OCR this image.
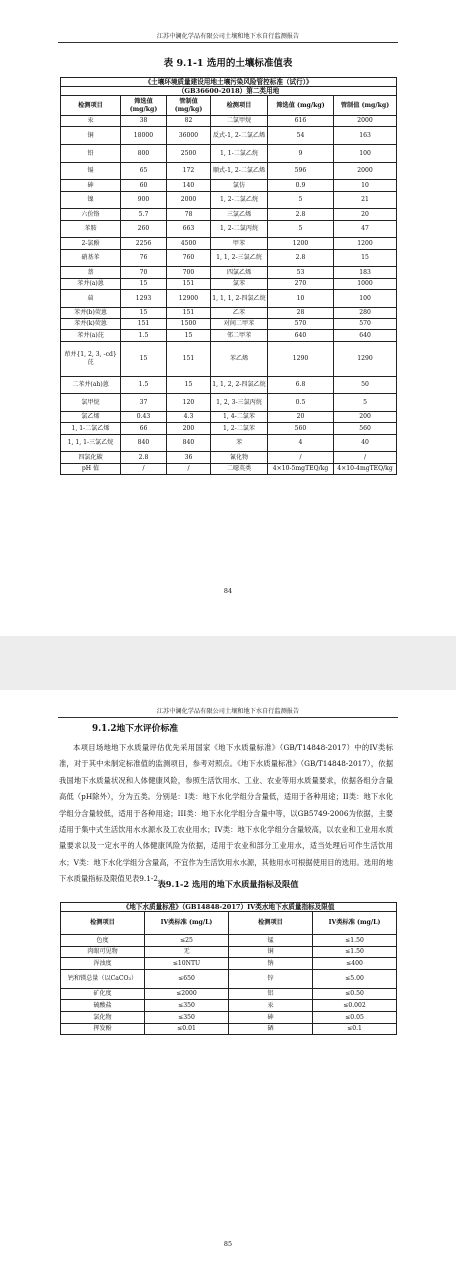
江苏中澜化学品有限公司土壤和地下水自行监测报告
表 9.1-1 选用的土壤标准值表
《土壤环境质量建设用地土壤污染风险管控标准（试行）》					
（GB36600-2018）第二类用地					
检测项目	筛选值 (mg/kg)	管制值 (mg/kg)	检测项目	筛选值 (mg/kg)	管制值 (mg/kg)
汞	38	82	二氯甲烷	616	2000
铜	18000	36000	反式-1, 2-二氯乙烯	54	163
铅	800	2500	1, 1-二氯乙烷	9	100
镉	65	172	顺式-1, 2-二氯乙烯	596	2000
砷	60	140	氯仿	0.9	10
镍	900	2000	1, 2-二氯乙烷	5	21
六价铬	5.7	78	三氯乙烯	2.8	20
苯胺	260	663	1, 2-二氯丙烷	5	47
2-氯酚	2256	4500	甲苯	1200	1200
硝基苯	76	760	1, 1, 2-三氯乙烷	2.8	15
萘	70	700	四氯乙烯	53	183
苯并(a)蒽	15	151	氯苯	270	1000
䓛	1293	12900	1, 1, 1, 2-四氯乙烷	10	100
苯并(b)荧蒽	15	151	乙苯	28	280
苯并(k)荧蒽	151	1500	对间二甲苯	570	570
苯并(a)芘	1.5	15	邻二甲苯	640	640
茚并{1, 2, 3, -cd}芘	15	151	苯乙烯	1290	1290
二苯并(ah)蒽	1.5	15	1, 1, 2, 2-四氯乙烷	6.8	50
氯甲烷	37	120	1, 2, 3-三氯丙烷	0.5	5
氯乙烯	0.43	4.3	1, 4-二氯苯	20	200
1, 1-二氯乙烯	66	200	1, 2-二氯苯	560	560
1, 1, 1-三氯乙烷	840	840	苯	4	40
四氯化碳	2.8	36	氰化物	/	/
pH 值	/	/	二噁英类	4×10-5mgTEQ/kg	4×10-4mgTEQ/kg
84
江苏中澜化学品有限公司土壤和地下水自行监测报告
9.1.2地下水评价标准
本项目场地地下水质量评估优先采用国家《地下水质量标准》（GB/T14848-2017）中的IV类标准，对于其中未制定标准值的监测项目，参考对照点。《地下水质量标准》（GB/T14848-2017），依据我国地下水质量状况和人体健康风险，参照生活饮用水、工业、农业等用水质量要求，依据各组分含量高低（pH除外），分为五类。分别是：I类：地下水化学组分含量低，适用于各种用途；II类：地下水化学组分含量较低，适用于各种用途；III类：地下水化学组分含量中等，以GB5749-2006为依据，主要适用于集中式生活饮用水水源水及工农业用水；IV类：地下水化学组分含量较高，以农业和工业用水质量要求以及一定水平的人体健康风险为依据，适用于农业和部分工业用水，适当处理后可作生活饮用水；V类：地下水化学组分含量高，不宜作为生活饮用水水源，其他用水可根据使用目的选用。选用的地下水质量指标及限值见表9.1-2。
表9.1-2 选用的地下水质量指标及限值
《地下水质量标准》（GB14848-2017）IV类水地下水质量指标及限值			
检测项目	IV类标准 (mg/L)	检测项目	IV类标准 (mg/L)
色度	≤25	锰	≤1.50
肉眼可见物	无	铜	≤1.50
浑浊度	≤10NTU	钠	≤400
钙和镁总量（以CaCO₃）	≤650	锌	≤5.00
矿化度	≤2000	铝	≤0.50
硫酸盐	≤350	汞	≤0.002
氯化物	≤350	砷	≤0.05
挥发酚	≤0.01	硒	≤0.1
85
